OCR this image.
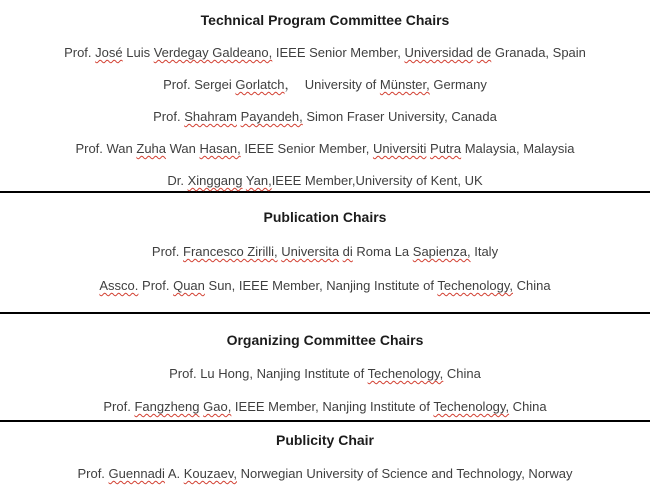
Technical Program Committee Chairs
Prof. José Luis Verdegay Galdeano, IEEE Senior Member, Universidad de Granada, Spain
Prof. Sergei Gorlatch，  University of Münster, Germany
Prof. Shahram Payandeh, Simon Fraser University, Canada
Prof. Wan Zuha Wan Hasan, IEEE Senior Member, Universiti Putra Malaysia, Malaysia
Dr. Xinggang Yan,IEEE Member,University of Kent, UK
Publication Chairs
Prof. Francesco Zirilli, Universita di Roma La Sapienza, Italy
Assco. Prof. Quan Sun, IEEE Member, Nanjing Institute of Techenology, China
Organizing Committee Chairs
Prof. Lu Hong, Nanjing Institute of Techenology, China
Prof. Fangzheng Gao, IEEE Member, Nanjing Institute of Techenology, China
Publicity Chair
Prof. Guennadi A. Kouzaev, Norwegian University of Science and Technology, Norway
